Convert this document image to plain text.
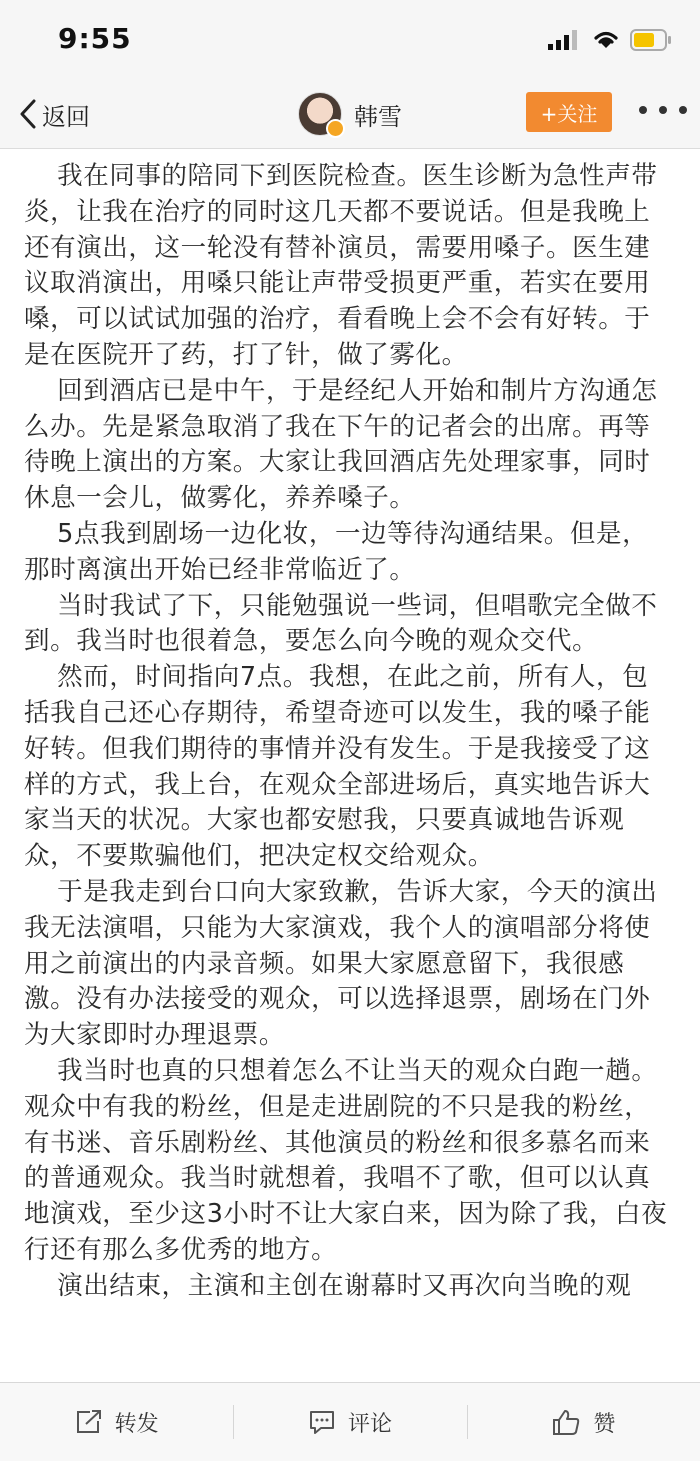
9:55
返回	韩雪	+关注

我在同事的陪同下到医院检查。医生诊断为急性声带炎，让我在治疗的同时这几天都不要说话。但是我晚上还有演出，这一轮没有替补演员，需要用嗓子。医生建议取消演出，用嗓只能让声带受损更严重，若实在要用嗓，可以试试加强的治疗，看看晚上会不会有好转。于是在医院开了药，打了针，做了雾化。

回到酒店已是中午，于是经纪人开始和制片方沟通怎么办。先是紧急取消了我在下午的记者会的出席。再等待晚上演出的方案。大家让我回酒店先处理家事，同时休息一会儿，做雾化，养养嗓子。

5点我到剧场一边化妆，一边等待沟通结果。但是，那时离演出开始已经非常临近了。

当时我试了下，只能勉强说一些词，但唱歌完全做不到。我当时也很着急，要怎么向今晚的观众交代。

然而，时间指向7点。我想，在此之前，所有人，包括我自己还心存期待，希望奇迹可以发生，我的嗓子能好转。但我们期待的事情并没有发生。于是我接受了这样的方式，我上台，在观众全部进场后，真实地告诉大家当天的状况。大家也都安慰我，只要真诚地告诉观众，不要欺骗他们，把决定权交给观众。

于是我走到台口向大家致歉，告诉大家，今天的演出我无法演唱，只能为大家演戏，我个人的演唱部分将使用之前演出的内录音频。如果大家愿意留下，我很感激。没有办法接受的观众，可以选择退票，剧场在门外为大家即时办理退票。

我当时也真的只想着怎么不让当天的观众白跑一趟。观众中有我的粉丝，但是走进剧院的不只是我的粉丝，有书迷、音乐剧粉丝、其他演员的粉丝和很多慕名而来的普通观众。我当时就想着，我唱不了歌，但可以认真地演戏，至少这3小时不让大家白来，因为除了我，白夜行还有那么多优秀的地方。

演出结束，主演和主创在谢幕时又再次向当晚的观

转发	评论	赞
